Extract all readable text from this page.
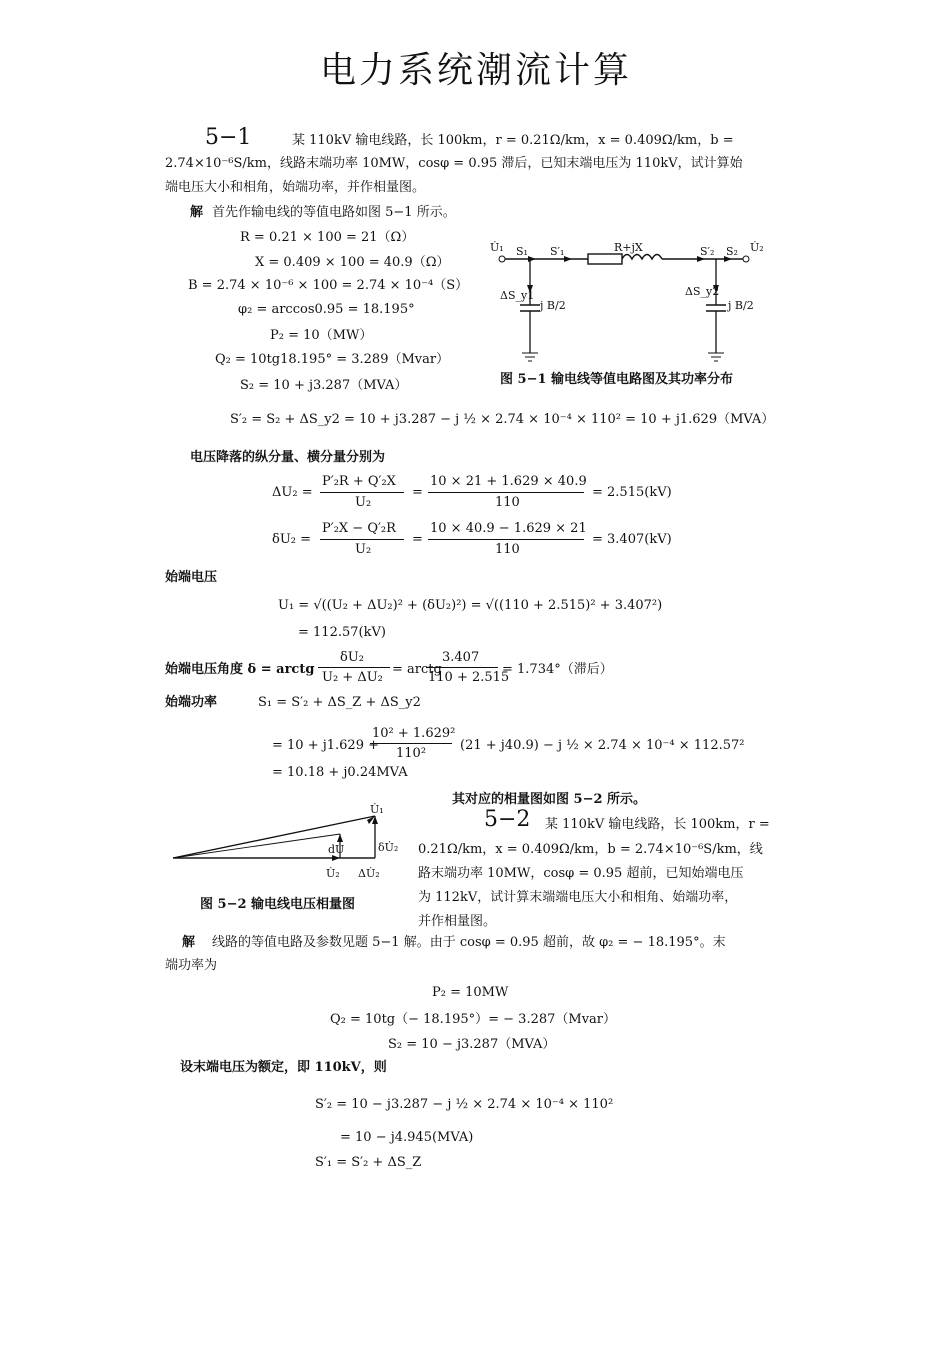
电力系统潮流计算
5−1	某 110kV 输电线路，长 100km，r = 0.21Ω/km，x = 0.409Ω/km，b =
2.74×10⁻⁶S/km，线路末端功率 10MW，cosφ = 0.95 滞后，已知末端电压为 110kV，试计算始
端电压大小和相角，始端功率，并作相量图。
解 首先作输电线的等值电路如图 5−1 所示。
R = 0.21 × 100 = 21（Ω）
X = 0.409 × 100 = 40.9（Ω）
B = 2.74 × 10⁻⁶ × 100 = 2.74 × 10⁻⁴（S）
φ₂ = arccos0.95 = 18.195°
P₂ = 10（MW）
Q₂ = 10tg18.195° = 3.289（Mvar）
S₂ = 10 + j3.287（MVA）
U̇₁ S₁ S′₁	R+jX	S′₂ S₂ U̇₂
ΔS_y1
j B/2
ΔS_y2
j B/2
图 5−1 输电线等值电路图及其功率分布
S′₂ = S₂ + ΔS_y2 = 10 + j3.287 − j ½ × 2.74 × 10⁻⁴ × 110² = 10 + j1.629（MVA）
电压降落的纵分量、横分量分别为
ΔU₂ =
P′₂R + Q′₂X
U₂
=
10 × 21 + 1.629 × 40.9
110
= 2.515(kV)
δU₂ =
P′₂X − Q′₂R
U₂
=
10 × 40.9 − 1.629 × 21
110
= 3.407(kV)
始端电压
U₁ = √((U₂ + ΔU₂)² + (δU₂)²) = √((110 + 2.515)² + 3.407²)
= 112.57(kV)
始端电压角度 δ = arctg
δU₂
U₂ + ΔU₂
= arctg
3.407
110 + 2.515
= 1.734°（滞后）
始端功率	S₁ = S′₂ + ΔS_Z + ΔS_y2
= 10 + j1.629 +
10² + 1.629²
110²
(21 + j40.9) − j ½ × 2.74 × 10⁻⁴ × 112.57²
= 10.18 + j0.24MVA
其对应的相量图如图 5−2 所示。
U̇₁
dU̇	δU̇₂
U̇₂ ΔU̇₂
图 5−2 输电线电压相量图
5−2 某 110kV 输电线路，长 100km，r =
0.21Ω/km，x = 0.409Ω/km，b = 2.74×10⁻⁶S/km，线
路末端功率 10MW，cosφ = 0.95 超前，已知始端电压
为 112kV，试计算末端端电压大小和相角、始端功率，
并作相量图。
解 线路的等值电路及参数见题 5−1 解。由于 cosφ = 0.95 超前，故 φ₂ = − 18.195°。末
端功率为
P₂ = 10MW
Q₂ = 10tg（− 18.195°）= − 3.287（Mvar）
S₂ = 10 − j3.287（MVA）
设末端电压为额定，即 110kV，则
S′₂ = 10 − j3.287 − j ½ × 2.74 × 10⁻⁴ × 110²
= 10 − j4.945(MVA)
S′₁ = S′₂ + ΔS_Z
